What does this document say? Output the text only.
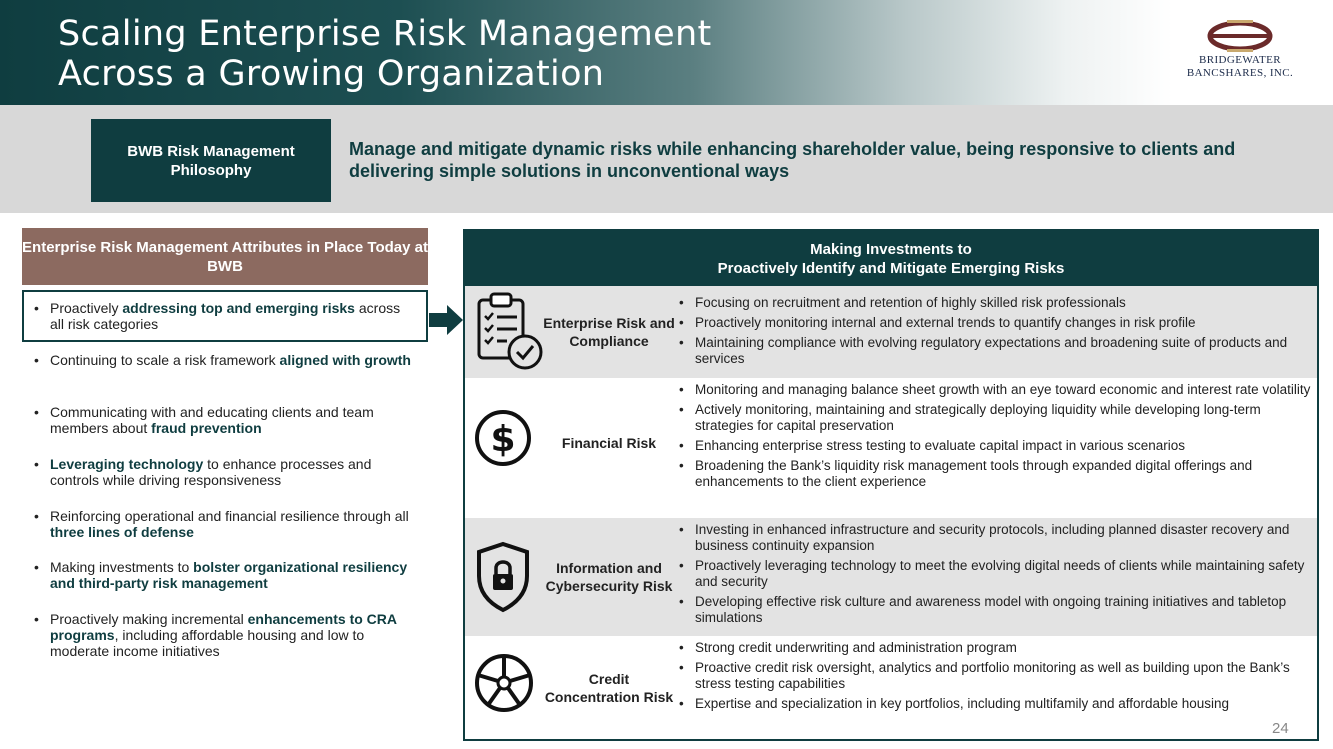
Scaling Enterprise Risk Management
Across a Growing Organization	BRIDGEWATER
BANCSHARES, INC.
BWB Risk Management Philosophy
Manage and mitigate dynamic risks while enhancing shareholder value, being responsive to clients and delivering simple solutions in unconventional ways
Enterprise Risk Management Attributes in Place Today at BWB
• Proactively addressing top and emerging risks across all risk categories
• Continuing to scale a risk framework aligned with growth
• Communicating with and educating clients and team members about fraud prevention
• Leveraging technology to enhance processes and controls while driving responsiveness
• Reinforcing operational and financial resilience through all three lines of defense
• Making investments to bolster organizational resiliency and third-party risk management
• Proactively making incremental enhancements to CRA programs, including affordable housing and low to moderate income initiatives
Making Investments to
Proactively Identify and Mitigate Emerging Risks
Enterprise Risk and Compliance
• Focusing on recruitment and retention of highly skilled risk professionals
• Proactively monitoring internal and external trends to quantify changes in risk profile
• Maintaining compliance with evolving regulatory expectations and broadening suite of products and services
$	Financial Risk
• Monitoring and managing balance sheet growth with an eye toward economic and interest rate volatility
• Actively monitoring, maintaining and strategically deploying liquidity while developing long-term strategies for capital preservation
• Enhancing enterprise stress testing to evaluate capital impact in various scenarios
• Broadening the Bank’s liquidity risk management tools through expanded digital offerings and enhancements to the client experience
Information and Cybersecurity Risk
• Investing in enhanced infrastructure and security protocols, including planned disaster recovery and business continuity expansion
• Proactively leveraging technology to meet the evolving digital needs of clients while maintaining safety and security
• Developing effective risk culture and awareness model with ongoing training initiatives and tabletop simulations
Credit Concentration Risk
• Strong credit underwriting and administration program
• Proactive credit risk oversight, analytics and portfolio monitoring as well as building upon the Bank’s stress testing capabilities
• Expertise and specialization in key portfolios, including multifamily and affordable housing
24
